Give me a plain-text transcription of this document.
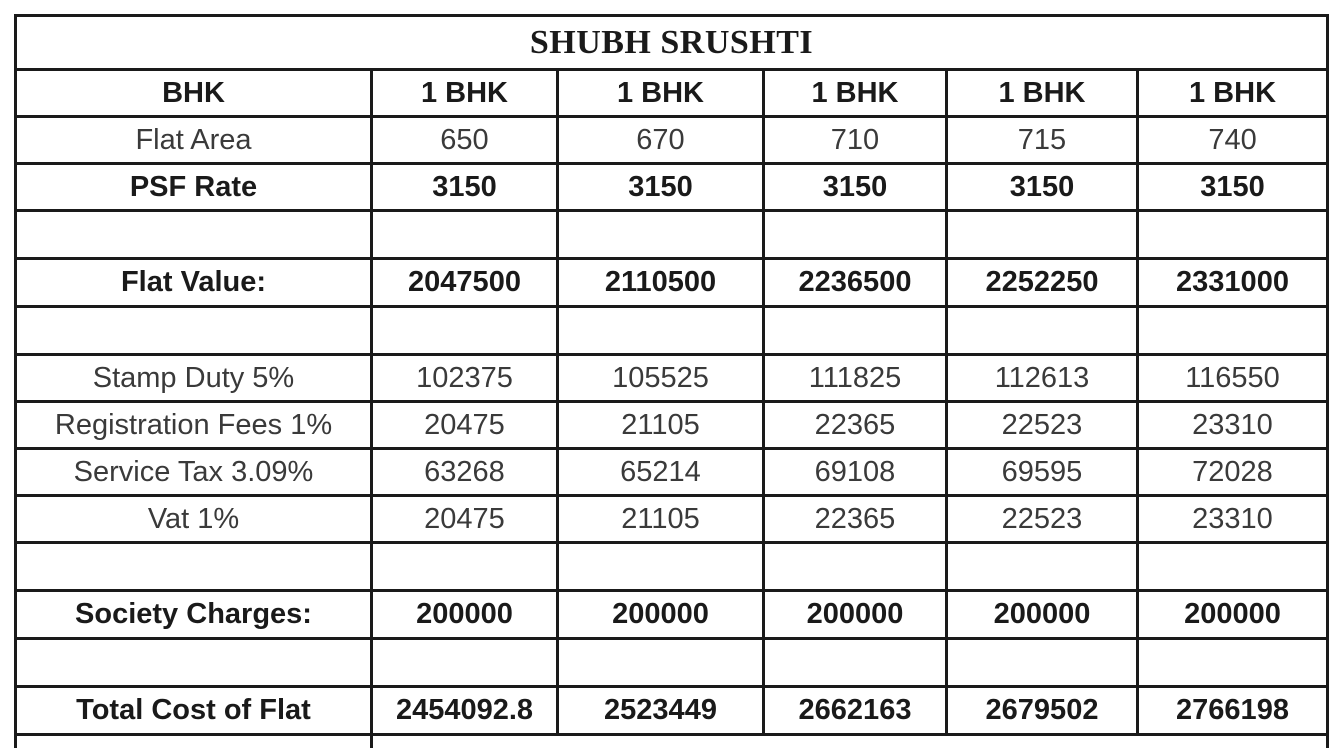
SHUBH SRUSHTI					
BHK	1 BHK	1 BHK	1 BHK	1 BHK	1 BHK
Flat Area	650	670	710	715	740
PSF Rate	3150	3150	3150	3150	3150

Flat Value:	2047500	2110500	2236500	2252250	2331000

Stamp Duty 5%	102375	105525	111825	112613	116550
Registration Fees 1%	20475	21105	22365	22523	23310
Service Tax 3.09%	63268	65214	69108	69595	72028
Vat 1%	20475	21105	22365	22523	23310

Society Charges:	200000	200000	200000	200000	200000

Total Cost of Flat	2454092.8	2523449	2662163	2679502	2766198
